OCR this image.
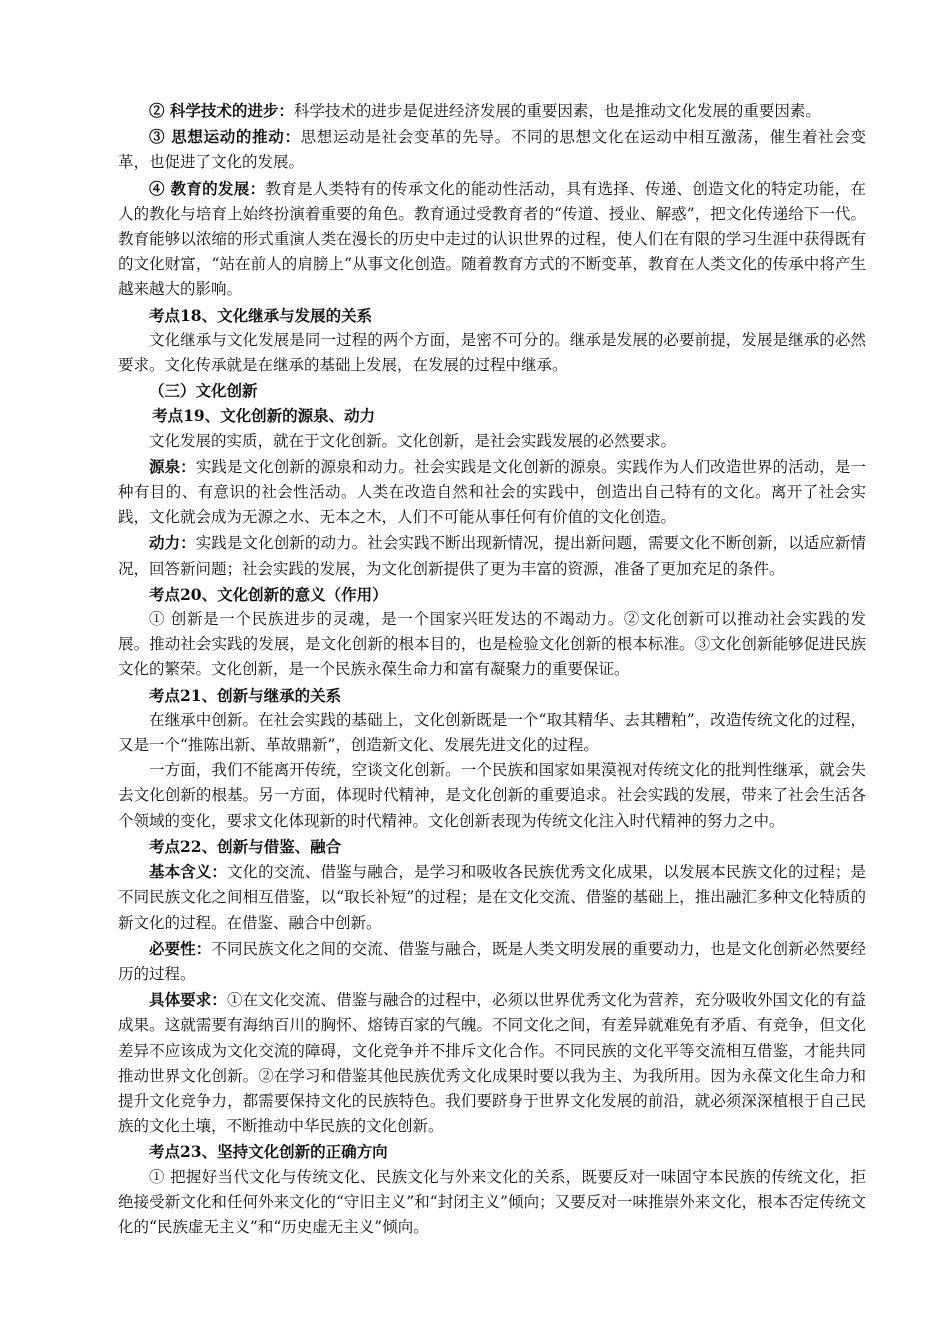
② 科学技术的进步：科学技术的进步是促进经济发展的重要因素，也是推动文化发展的重要因素。

③ 思想运动的推动：思想运动是社会变革的先导。不同的思想文化在运动中相互激荡，催生着社会变革，也促进了文化的发展。

④ 教育的发展：教育是人类特有的传承文化的能动性活动，具有选择、传递、创造文化的特定功能，在人的教化与培育上始终扮演着重要的角色。教育通过受教育者的“传道、授业、解惑”，把文化传递给下一代。教育能够以浓缩的形式重演人类在漫长的历史中走过的认识世界的过程，使人们在有限的学习生涯中获得既有的文化财富，“站在前人的肩膀上”从事文化创造。随着教育方式的不断变革，教育在人类文化的传承中将产生越来越大的影响。

考点18、文化继承与发展的关系

文化继承与文化发展是同一过程的两个方面，是密不可分的。继承是发展的必要前提，发展是继承的必然要求。文化传承就是在继承的基础上发展，在发展的过程中继承。

（三）文化创新

考点19、文化创新的源泉、动力

文化发展的实质，就在于文化创新。文化创新，是社会实践发展的必然要求。

源泉：实践是文化创新的源泉和动力。社会实践是文化创新的源泉。实践作为人们改造世界的活动，是一种有目的、有意识的社会性活动。人类在改造自然和社会的实践中，创造出自己特有的文化。离开了社会实践，文化就会成为无源之水、无本之木，人们不可能从事任何有价值的文化创造。

动力：实践是文化创新的动力。社会实践不断出现新情况，提出新问题，需要文化不断创新，以适应新情况，回答新问题；社会实践的发展，为文化创新提供了更为丰富的资源，准备了更加充足的条件。

考点20、文化创新的意义（作用）

① 创新是一个民族进步的灵魂，是一个国家兴旺发达的不竭动力。②文化创新可以推动社会实践的发展。推动社会实践的发展，是文化创新的根本目的，也是检验文化创新的根本标准。③文化创新能够促进民族文化的繁荣。文化创新，是一个民族永葆生命力和富有凝聚力的重要保证。

考点21、创新与继承的关系

在继承中创新。在社会实践的基础上，文化创新既是一个“取其精华、去其糟粕”，改造传统文化的过程，又是一个“推陈出新、革故鼎新”，创造新文化、发展先进文化的过程。

一方面，我们不能离开传统，空谈文化创新。一个民族和国家如果漠视对传统文化的批判性继承，就会失去文化创新的根基。另一方面，体现时代精神，是文化创新的重要追求。社会实践的发展，带来了社会生活各个领域的变化，要求文化体现新的时代精神。文化创新表现为传统文化注入时代精神的努力之中。

考点22、创新与借鉴、融合

基本含义：文化的交流、借鉴与融合，是学习和吸收各民族优秀文化成果，以发展本民族文化的过程；是不同民族文化之间相互借鉴，以“取长补短”的过程；是在文化交流、借鉴的基础上，推出融汇多种文化特质的新文化的过程。在借鉴、融合中创新。

必要性：不同民族文化之间的交流、借鉴与融合，既是人类文明发展的重要动力，也是文化创新必然要经历的过程。

具体要求：①在文化交流、借鉴与融合的过程中，必须以世界优秀文化为营养，充分吸收外国文化的有益成果。这就需要有海纳百川的胸怀、熔铸百家的气魄。不同文化之间，有差异就难免有矛盾、有竞争，但文化差异不应该成为文化交流的障碍，文化竞争并不排斥文化合作。不同民族的文化平等交流相互借鉴，才能共同推动世界文化创新。②在学习和借鉴其他民族优秀文化成果时要以我为主、为我所用。因为永葆文化生命力和提升文化竞争力，都需要保持文化的民族特色。我们要跻身于世界文化发展的前沿，就必须深深植根于自己民族的文化土壤，不断推动中华民族的文化创新。

考点23、坚持文化创新的正确方向

① 把握好当代文化与传统文化、民族文化与外来文化的关系，既要反对一味固守本民族的传统文化，拒绝接受新文化和任何外来文化的“守旧主义”和“封闭主义”倾向；又要反对一味推崇外来文化，根本否定传统文化的“民族虚无主义”和“历史虚无主义”倾向。
